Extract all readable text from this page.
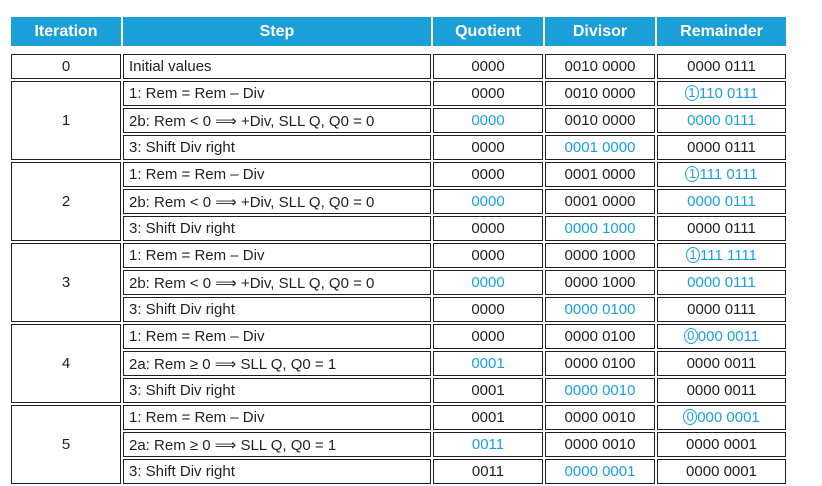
Iteration	Step	Quotient	Divisor	Remainder

0	Initial values	0000	0010 0000	0000 0111
1	1: Rem = Rem – Div	0000	0010 0000	1 110 0111
	2b: Rem < 0 ⟹ +Div, SLL Q, Q0 = 0	0000	0010 0000	0000 0111
	3: Shift Div right	0000	0001 0000	0000 0111
2	1: Rem = Rem – Div	0000	0001 0000	1 111 0111
	2b: Rem < 0 ⟹ +Div, SLL Q, Q0 = 0	0000	0001 0000	0000 0111
	3: Shift Div right	0000	0000 1000	0000 0111
3	1: Rem = Rem – Div	0000	0000 1000	1 111 1111
	2b: Rem < 0 ⟹ +Div, SLL Q, Q0 = 0	0000	0000 1000	0000 0111
	3: Shift Div right	0000	0000 0100	0000 0111
4	1: Rem = Rem – Div	0000	0000 0100	0 000 0011
	2a: Rem ≥ 0 ⟹ SLL Q, Q0 = 1	0001	0000 0100	0000 0011
	3: Shift Div right	0001	0000 0010	0000 0011
5	1: Rem = Rem – Div	0001	0000 0010	0 000 0001
	2a: Rem ≥ 0 ⟹ SLL Q, Q0 = 1	0011	0000 0010	0000 0001
	3: Shift Div right	0011	0000 0001	0000 0001
